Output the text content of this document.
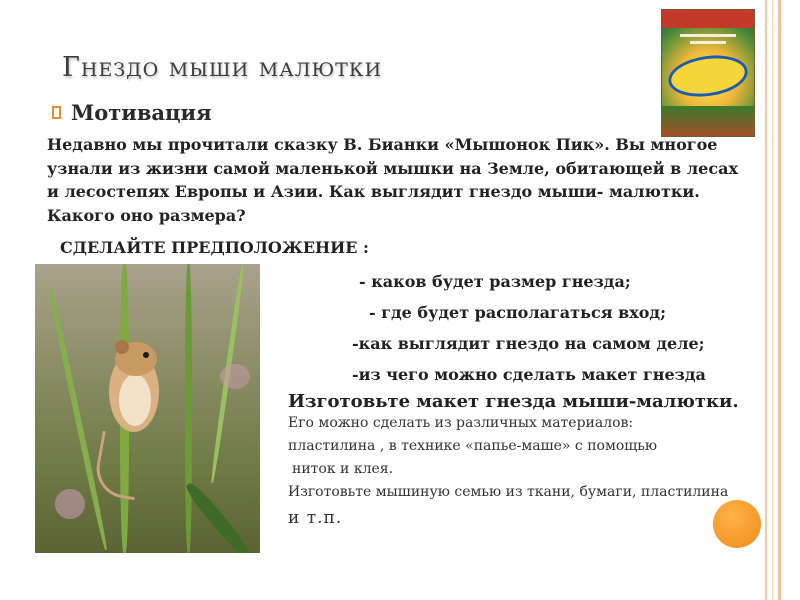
Гнездо мыши малютки
Мотивация
Недавно мы прочитали сказку В. Бианки «Мышонок Пик». Вы многое узнали из жизни самой маленькой мышки на Земле, обитающей в лесах и лесостепях Европы и Азии. Как выглядит гнездо мыши- малютки. Какого оно размера?
СДЕЛАЙТЕ ПРЕДПОЛОЖЕНИЕ :
- каков будет размер гнезда;
- где будет располагаться вход;
-как выглядит гнездо на самом деле;
-из чего можно сделать макет гнезда
Изготовьте макет гнезда мыши-малютки.
Его можно сделать из различных материалов:
пластилина , в технике «папье-маше» с помощью
ниток и клея.
Изготовьте мышиную семью из ткани, бумаги, пластилина
и т.п.
